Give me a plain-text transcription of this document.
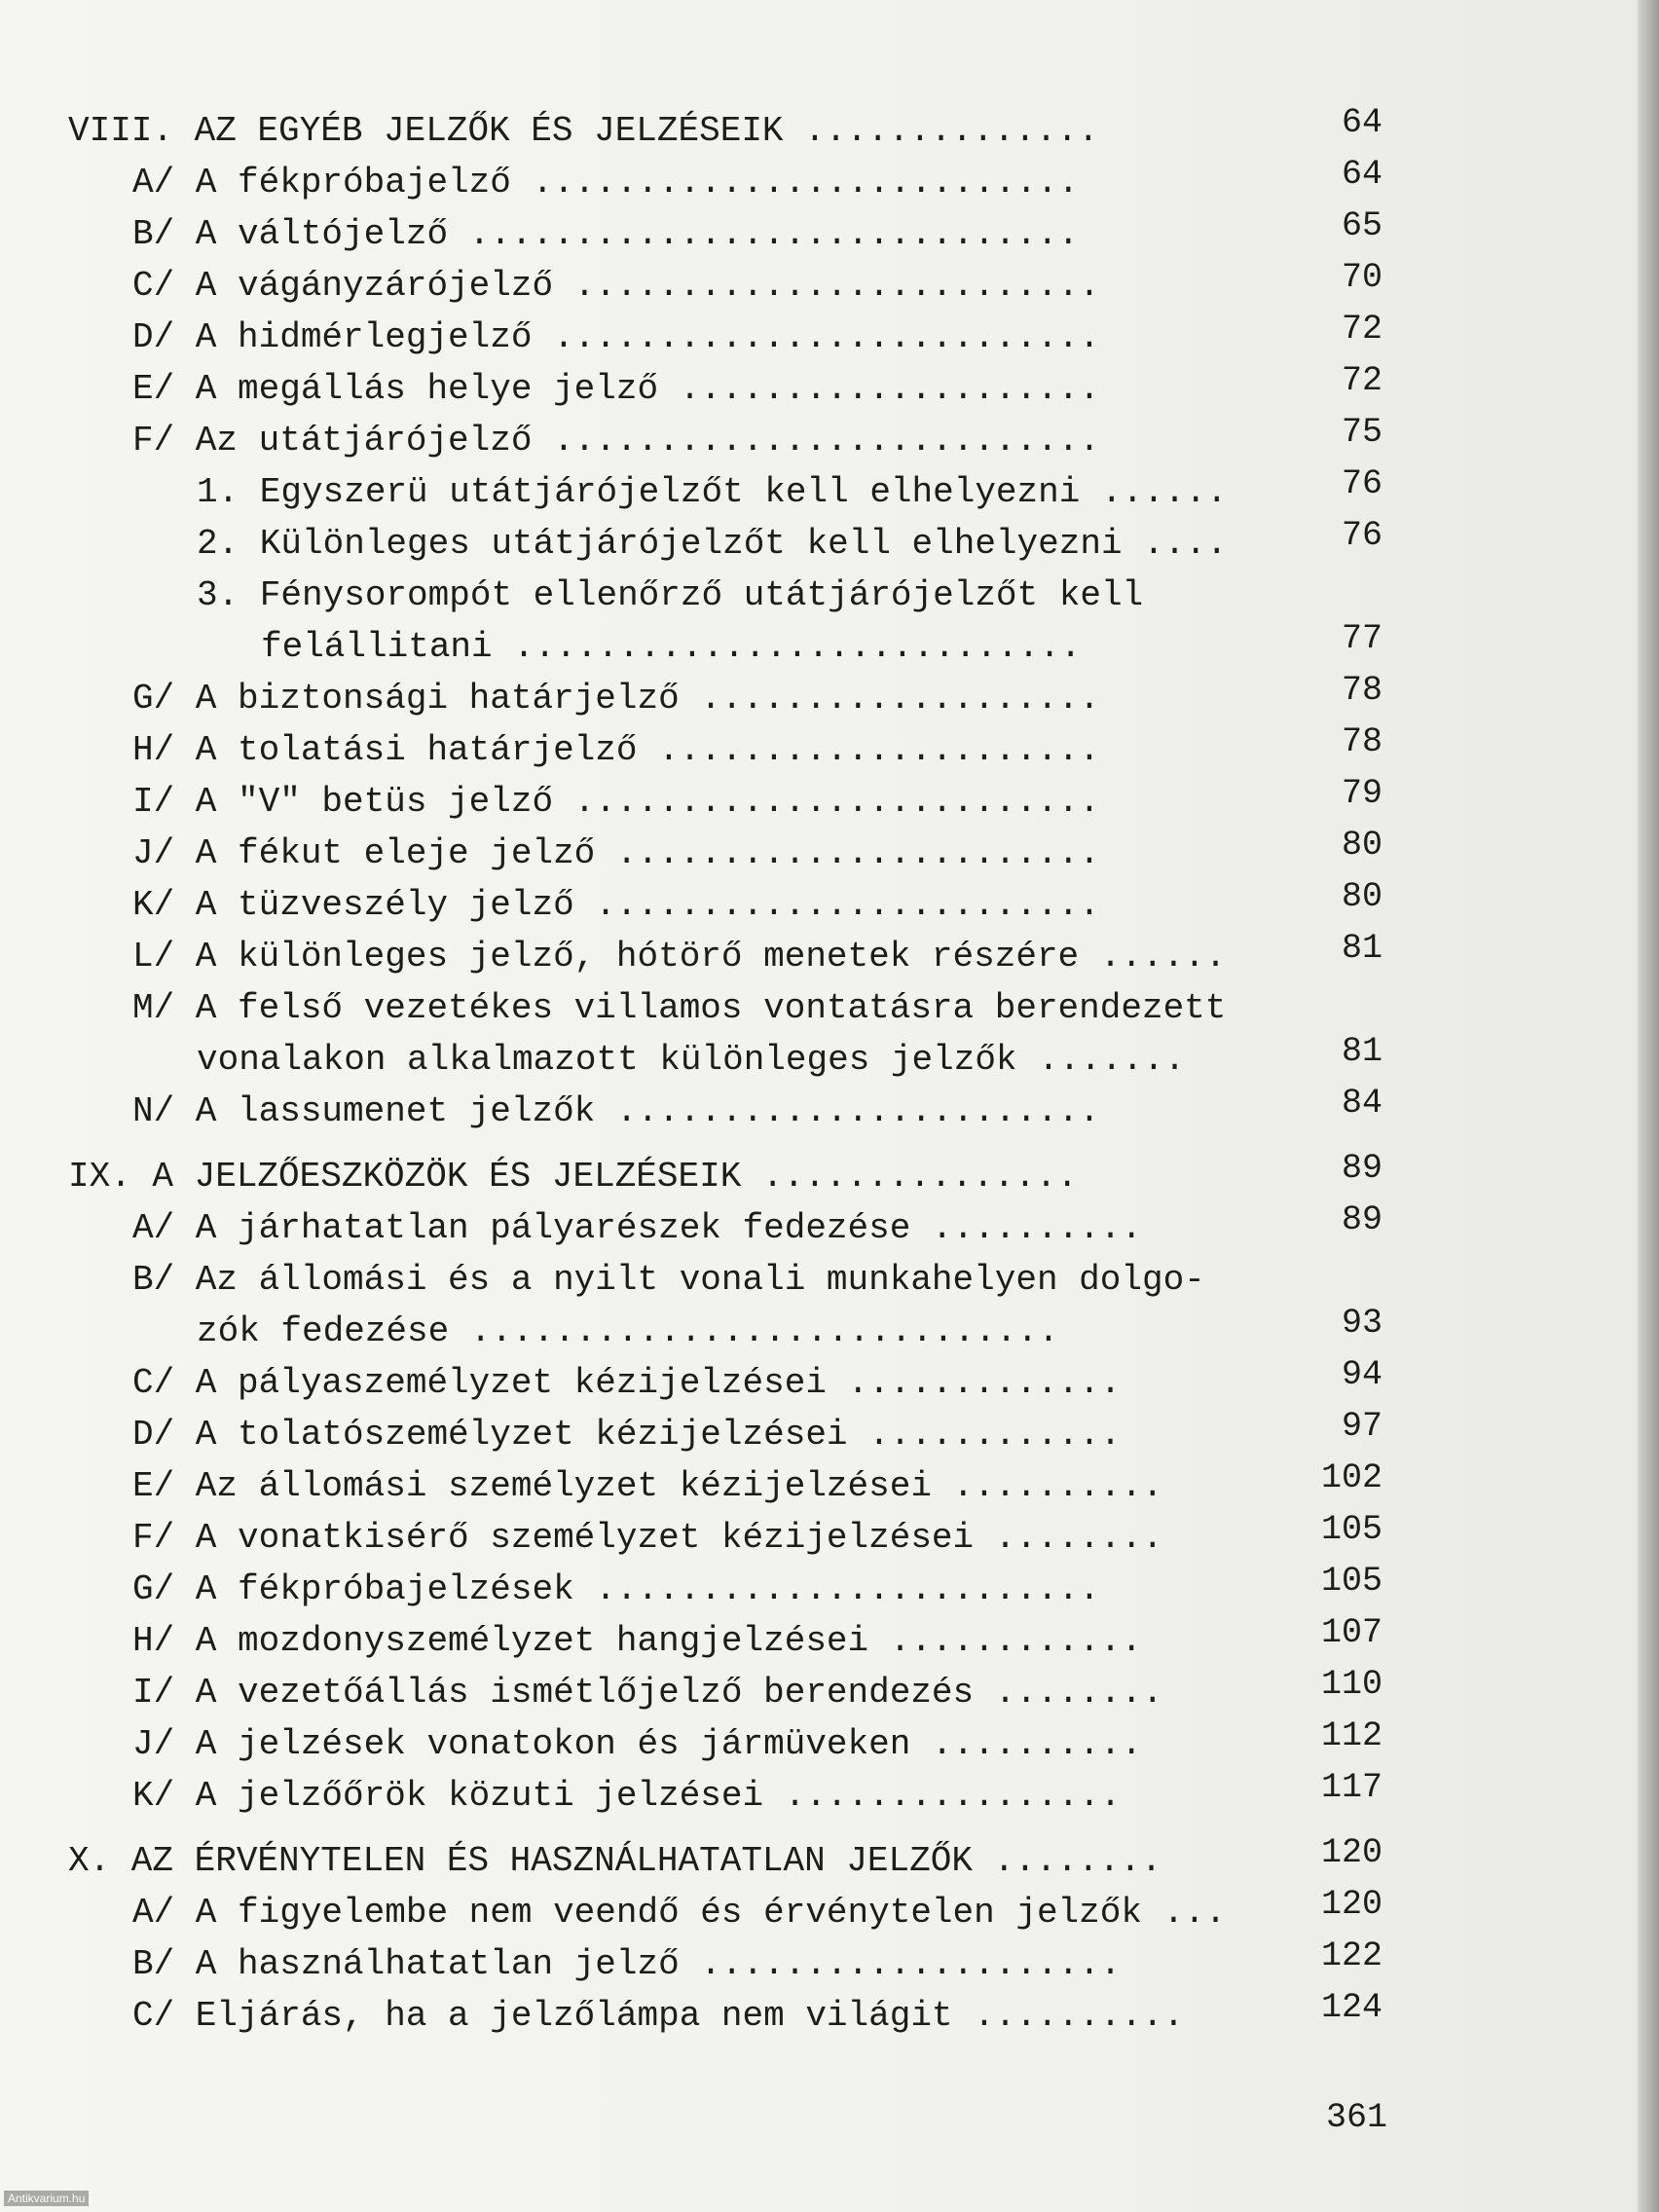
VIII. AZ EGYÉB JELZŐK ÉS JELZÉSEIK ..............	64
A/ A fékpróbajelző ..........................	64
B/ A váltójelző .............................	65
C/ A vágányzárójelző .........................	70
D/ A hidmérlegjelző ..........................	72
E/ A megállás helye jelző ....................	72
F/ Az utátjárójelző ..........................	75
1. Egyszerü utátjárójelzőt kell elhelyezni ......	76
2. Különleges utátjárójelzőt kell elhelyezni ....	76
3. Fénysorompót ellenőrző utátjárójelzőt kell
felállitani ...........................	77
G/ A biztonsági határjelző ...................	78
H/ A tolatási határjelző .....................	78
I/ A "V" betüs jelző .........................	79
J/ A fékut eleje jelző .......................	80
K/ A tüzveszély jelző ........................	80
L/ A különleges jelző, hótörő menetek részére ......	81
M/ A felső vezetékes villamos vontatásra berendezett
vonalakon alkalmazott különleges jelzők .......	81
N/ A lassumenet jelzők .......................	84
IX. A JELZŐESZKÖZÖK ÉS JELZÉSEIK ...............	89
A/ A járhatatlan pályarészek fedezése ..........	89
B/ Az állomási és a nyilt vonali munkahelyen dolgo-
zók fedezése ............................	93
C/ A pályaszemélyzet kézijelzései .............	94
D/ A tolatószemélyzet kézijelzései ............	97
E/ Az állomási személyzet kézijelzései ..........	102
F/ A vonatkisérő személyzet kézijelzései ........	105
G/ A fékpróbajelzések ........................	105
H/ A mozdonyszemélyzet hangjelzései ............	107
I/ A vezetőállás ismétlőjelző berendezés ........	110
J/ A jelzések vonatokon és jármüveken ..........	112
K/ A jelzőőrök közuti jelzései ................	117
X. AZ ÉRVÉNYTELEN ÉS HASZNÁLHATATLAN JELZŐK ........	120
A/ A figyelembe nem veendő és érvénytelen jelzők ...	120
B/ A használhatatlan jelző ....................	122
C/ Eljárás, ha a jelzőlámpa nem világit ..........	124
361
Antikvarium.hu
